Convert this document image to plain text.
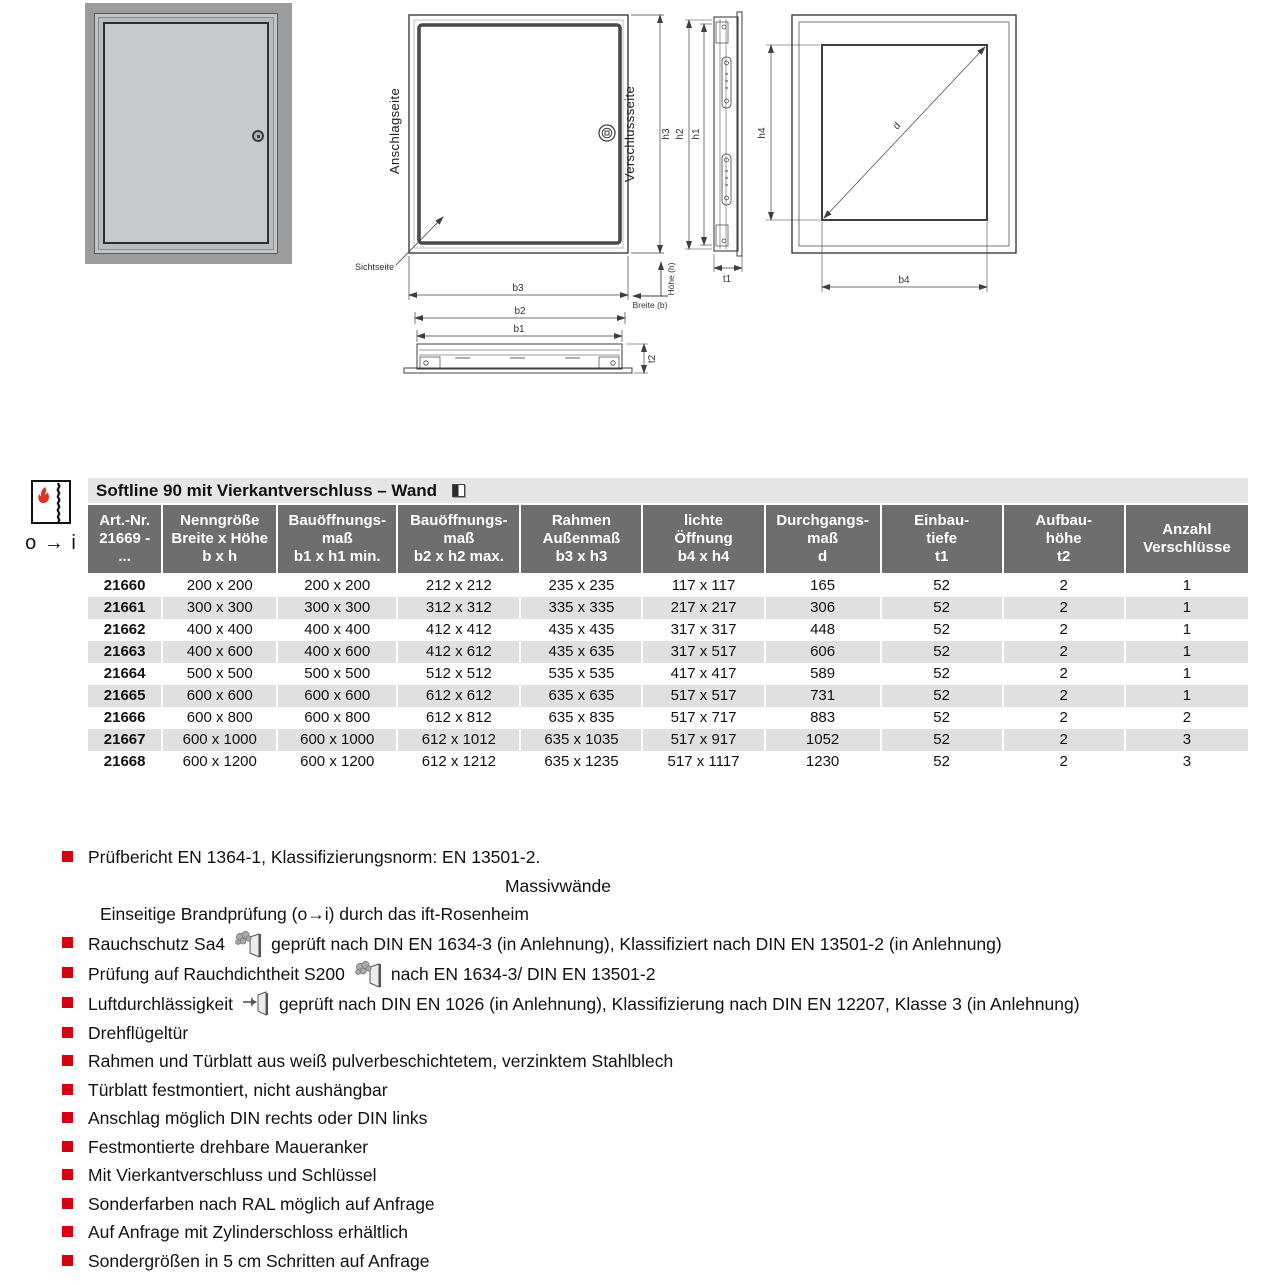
Anschlagseite	Verschlussseite
Sichtseite
b3
b2
b1
h3 h2 h1
Höhe (h)
Breite (b)
t1
t2
h4
b4
d
o → i
Softline 90 mit Vierkantverschluss – Wand
Art.-Nr.
21669 -
...

Nenngröße
Breite x Höhe
b x h

Bauöffnungs-
maß
b1 x h1 min.

Bauöffnungs-
maß
b2 x h2 max.

Rahmen
Außenmaß
b3 x h3

lichte
Öffnung
b4 x h4

Durchgangs-
maß
d

Einbau-
tiefe
t1

Aufbau-
höhe
t2

Anzahl
Verschlüsse

21660	200 x 200	200 x 200	212 x 212	235 x 235	117 x 117	165	52	2	1
21661	300 x 300	300 x 300	312 x 312	335 x 335	217 x 217	306	52	2	1
21662	400 x 400	400 x 400	412 x 412	435 x 435	317 x 317	448	52	2	1
21663	400 x 600	400 x 600	412 x 612	435 x 635	317 x 517	606	52	2	1
21664	500 x 500	500 x 500	512 x 512	535 x 535	417 x 417	589	52	2	1
21665	600 x 600	600 x 600	612 x 612	635 x 635	517 x 517	731	52	2	1
21666	600 x 800	600 x 800	612 x 812	635 x 835	517 x 717	883	52	2	2
21667	600 x 1000	600 x 1000	612 x 1012	635 x 1035	517 x 917	1052	52	2	3
21668	600 x 1200	600 x 1200	612 x 1212	635 x 1235	517 x 1117	1230	52	2	3
Prüfbericht EN 1364-1, Klassifizierungsnorm: EN 13501-2.
Massivwände
Einseitige Brandprüfung (o→i) durch das ift-Rosenheim
Rauchschutz Sa4	geprüft nach DIN EN 1634-3 (in Anlehnung), Klassifiziert nach DIN EN 13501-2 (in Anlehnung)
Prüfung auf Rauchdichtheit S200	nach EN 1634-3/ DIN EN 13501-2
Luftdurchlässigkeit	geprüft nach DIN EN 1026 (in Anlehnung), Klassifizierung nach DIN EN 12207, Klasse 3 (in Anlehnung)
Drehflügeltür
Rahmen und Türblatt aus weiß pulverbeschichtetem, verzinktem Stahlblech
Türblatt festmontiert, nicht aushängbar
Anschlag möglich DIN rechts oder DIN links
Festmontierte drehbare Maueranker
Mit Vierkantverschluss und Schlüssel
Sonderfarben nach RAL möglich auf Anfrage
Auf Anfrage mit Zylinderschloss erhältlich
Sondergrößen in 5 cm Schritten auf Anfrage
